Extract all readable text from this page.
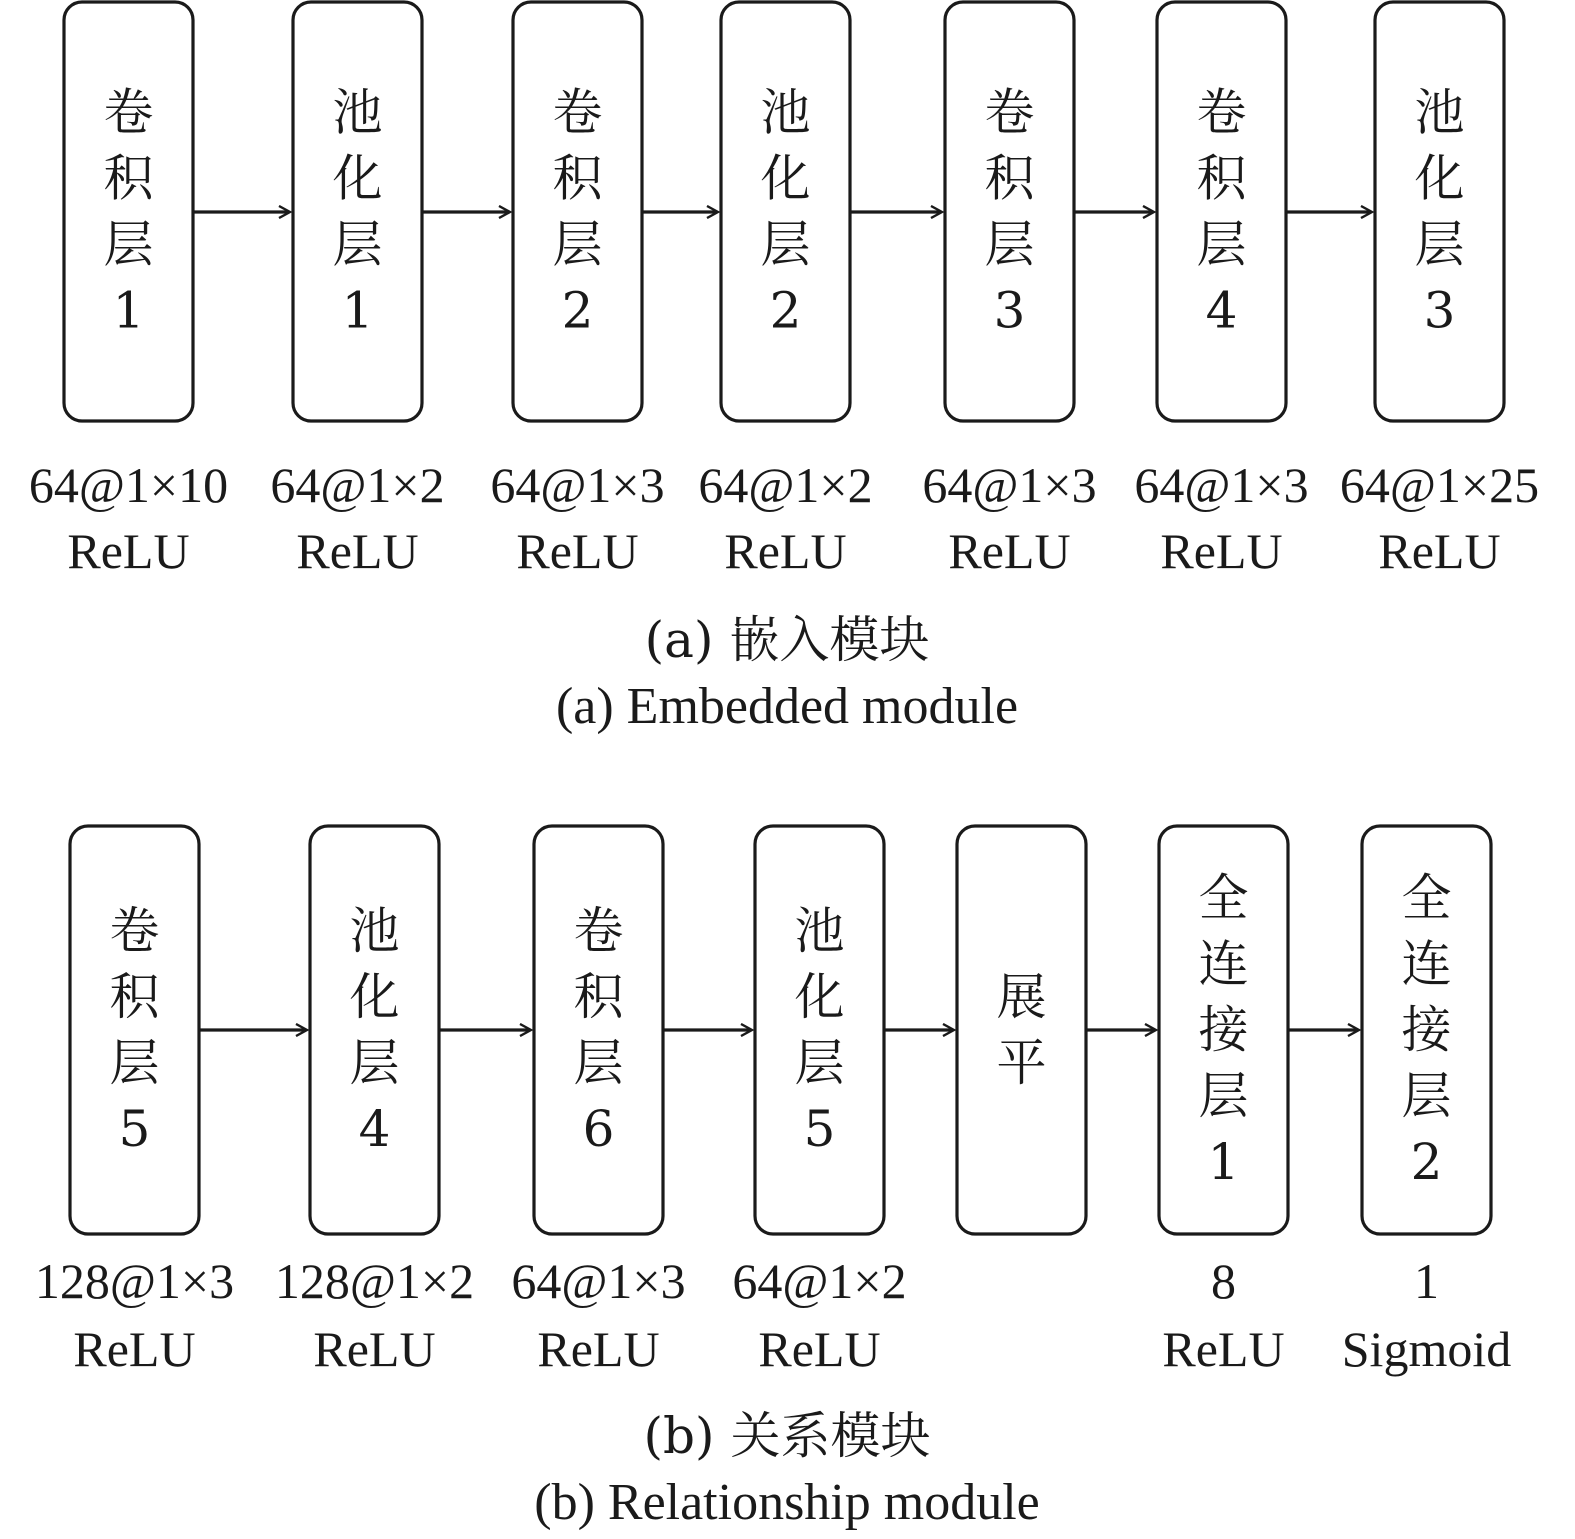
卷
积
层
1
64@1×10
ReLU
池
化
层
1
64@1×2
ReLU
卷
积
层
2
64@1×3
ReLU
池
化
层
2
64@1×2
ReLU
卷
积
层
3
64@1×3
ReLU
卷
积
层
4
64@1×3
ReLU
池
化
层
3
64@1×25
ReLU
卷
积
层
5
128@1×3
ReLU
池
化
层
4
128@1×2
ReLU
卷
积
层
6
64@1×3
ReLU
池
化
层
5
64@1×2
ReLU
展
平
全
连
接
层
1
8
ReLU
全
连
接
层
2
1
Sigmoid
(a) 嵌入模块
(a) Embedded module
(b) 关系模块
(b) Relationship module
